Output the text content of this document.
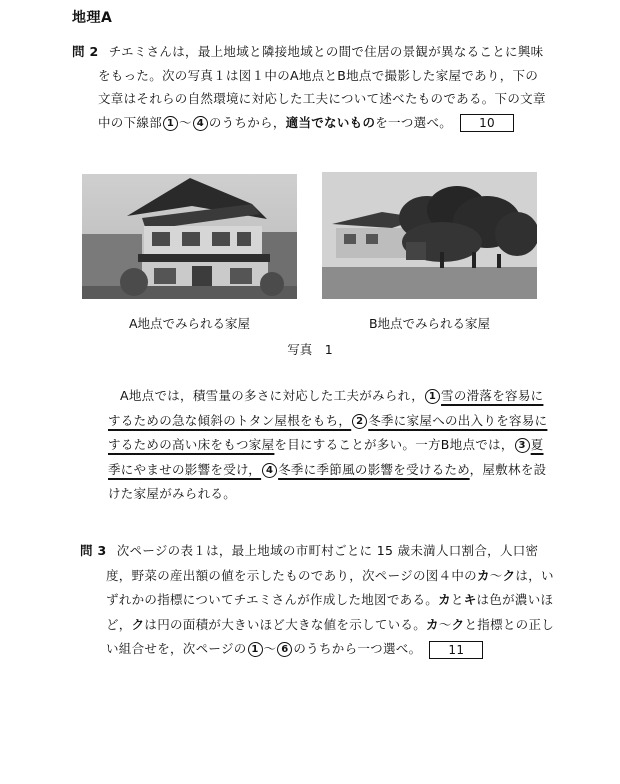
地理A
問 2 チエミさんは，最上地域と隣接地域との間で住居の景観が異なることに興味
をもった。次の写真１は図１中のA地点とB地点で撮影した家屋であり，下の
文章はそれらの自然環境に対応した工夫について述べたものである。下の文章
中の下線部 1 ～ 4 のうちから，適当でないものを一つ選べ。 10
A地点でみられる家屋	B地点でみられる家屋
写真　1
A地点では，積雪量の多さに対応した工夫がみられ， 1 雪の滑落を容易に
するための急な傾斜のトタン屋根をもち， 2 冬季に家屋への出入りを容易に
するための高い床をもつ家屋を目にすることが多い。一方B地点では， 3 夏
季にやませの影響を受け， 4 冬季に季節風の影響を受けるため，屋敷林を設
けた家屋がみられる。
問 3 次ページの表１は，最上地域の市町村ごとに 15 歳未満人口割合，人口密
度，野菜の産出額の値を示したものであり，次ページの図４中のカ～クは，い
ずれかの指標についてチエミさんが作成した地図である。カとキは色が濃いほ
ど，クは円の面積が大きいほど大きな値を示している。カ～クと指標との正し
い組合せを，次ページの 1 ～ 6 のうちから一つ選べ。 11
